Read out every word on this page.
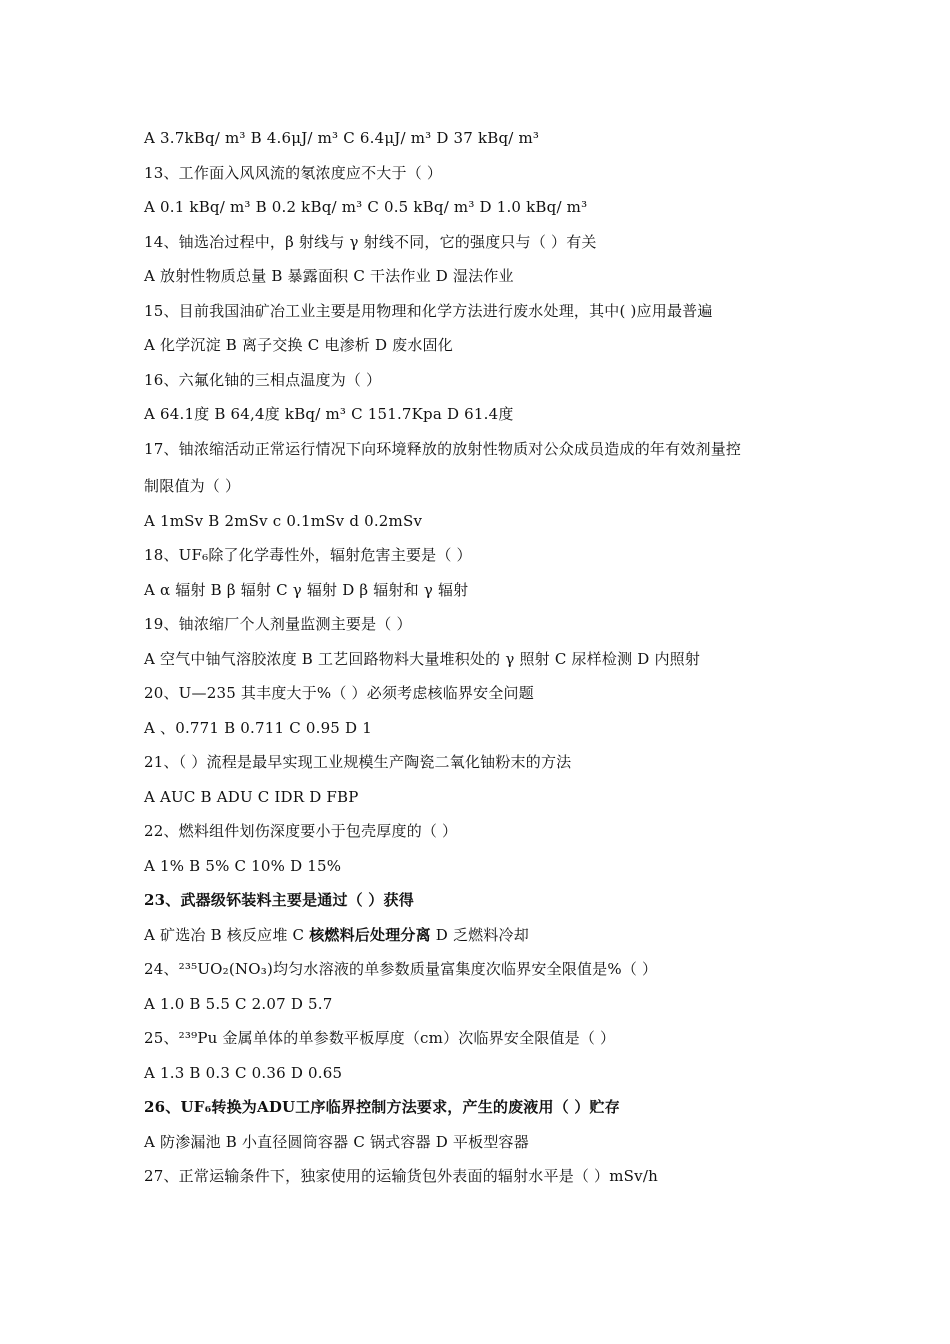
A 3.7kBq/ m³ B 4.6μJ/ m³ C 6.4μJ/ m³ D 37 kBq/ m³
13、工作面入风风流的氡浓度应不大于（ ）
A 0.1 kBq/ m³ B 0.2 kBq/ m³ C 0.5 kBq/ m³ D 1.0 kBq/ m³
14、铀选冶过程中，β 射线与 γ 射线不同，它的强度只与（ ）有关
A 放射性物质总量 B 暴露面积 C 干法作业 D 湿法作业
15、目前我国油矿冶工业主要是用物理和化学方法进行废水处理，其中( )应用最普遍
A 化学沉淀 B 离子交换 C 电渗析 D 废水固化
16、六氟化铀的三相点温度为（ ）
A 64.1度 B 64,4度 kBq/ m³ C 151.7Kpa D 61.4度
17、铀浓缩活动正常运行情况下向环境释放的放射性物质对公众成员造成的年有效剂量控
制限值为（ ）
A 1mSv B 2mSv c 0.1mSv d 0.2mSv
18、UF₆除了化学毒性外，辐射危害主要是（ ）
A α 辐射 B β 辐射 C γ 辐射 D β 辐射和 γ 辐射
19、铀浓缩厂个人剂量监测主要是（ ）
A 空气中铀气溶胶浓度 B 工艺回路物料大量堆积处的 γ 照射 C 尿样检测 D 内照射
20、U—235 其丰度大于%（ ）必须考虑核临界安全问题
A 、0.771 B 0.711 C 0.95 D 1
21、（ ）流程是最早实现工业规模生产陶瓷二氧化铀粉末的方法
A AUC B ADU C IDR D FBP
22、燃料组件划伤深度要小于包壳厚度的（ ）
A 1% B 5% C 10% D 15%
23、武器级钚装料主要是通过（ ）获得
A 矿选冶 B 核反应堆 C 核燃料后处理分离 D 乏燃料冷却
24、²³⁵UO₂(NO₃)均匀水溶液的单参数质量富集度次临界安全限值是%（ ）
A 1.0 B 5.5 C 2.07 D 5.7
25、²³⁹Pu 金属单体的单参数平板厚度（cm）次临界安全限值是（ ）
A 1.3 B 0.3 C 0.36 D 0.65
26、UF₆转换为ADU工序临界控制方法要求，产生的废液用（ ）贮存
A 防渗漏池 B 小直径圆筒容器 C 锅式容器 D 平板型容器
27、正常运输条件下，独家使用的运输货包外表面的辐射水平是（ ）mSv/h
